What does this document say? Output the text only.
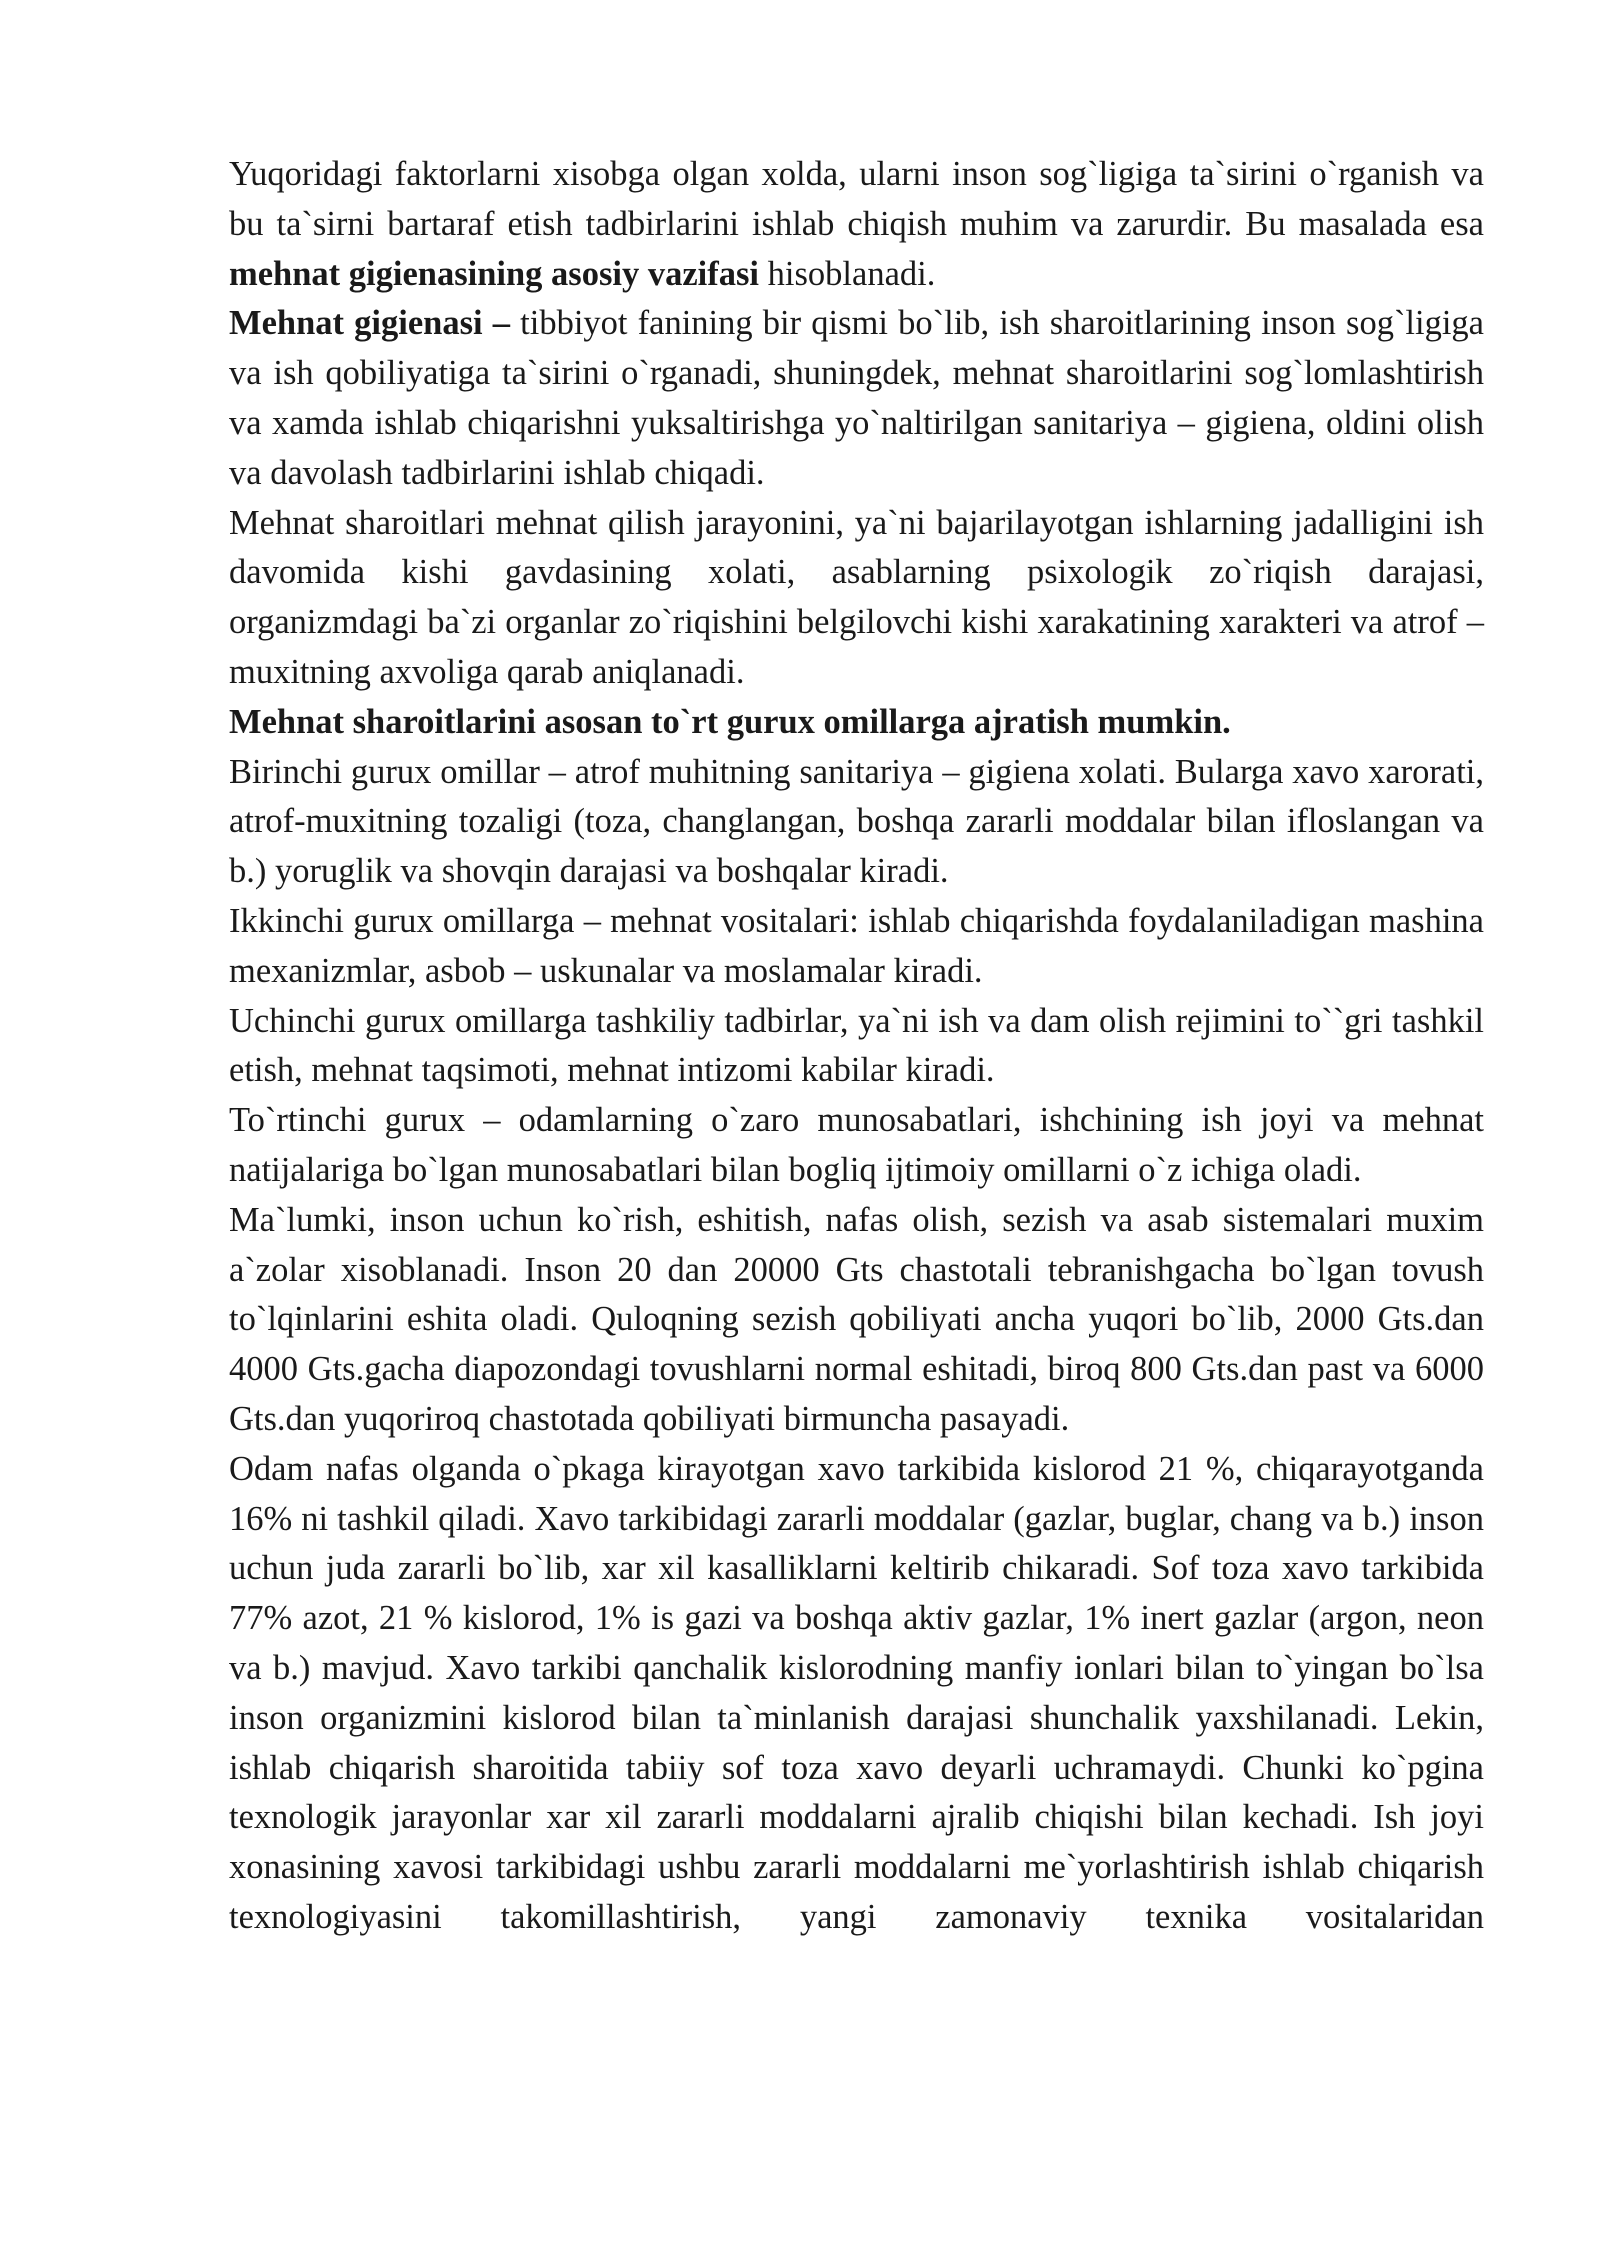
Yuqoridagi faktorlarni xisobga olgan xolda, ularni inson sog`ligiga ta`sirini o`rganish va bu ta`sirni bartaraf etish tadbirlarini ishlab chiqish muhim va zarurdir. Bu masalada esa mehnat gigienasining asosiy vazifasi hisoblanadi.

Mehnat gigienasi – tibbiyot fanining bir qismi bo`lib, ish sharoitlarining inson sog`ligiga va ish qobiliyatiga ta`sirini o`rganadi, shuningdek, mehnat sharoitlarini sog`lomlashtirish va xamda ishlab chiqarishni yuksaltirishga yo`naltirilgan sanitariya – gigiena, oldini olish va davolash tadbirlarini ishlab chiqadi.

Mehnat sharoitlari mehnat qilish jarayonini, ya`ni bajarilayotgan ishlarning jadalligini ish davomida kishi gavdasining xolati, asablarning psixologik zo`riqish darajasi, organizmdagi ba`zi organlar zo`riqishini belgilovchi kishi xarakatining xarakteri va atrof – muxitning axvoliga qarab aniqlanadi.

Mehnat sharoitlarini asosan to`rt gurux omillarga ajratish mumkin.

Birinchi gurux omillar – atrof muhitning sanitariya – gigiena xolati. Bularga xavo xarorati, atrof-muxitning tozaligi (toza, changlangan, boshqa zararli moddalar bilan ifloslangan va b.) yoruglik va shovqin darajasi va boshqalar kiradi.

Ikkinchi gurux omillarga – mehnat vositalari: ishlab chiqarishda foydalaniladigan mashina mexanizmlar, asbob – uskunalar va moslamalar kiradi.

Uchinchi gurux omillarga tashkiliy tadbirlar, ya`ni ish va dam olish rejimini to``gri tashkil etish, mehnat taqsimoti, mehnat intizomi kabilar kiradi.

To`rtinchi gurux – odamlarning o`zaro munosabatlari, ishchining ish joyi va mehnat natijalariga bo`lgan munosabatlari bilan bogliq ijtimoiy omillarni o`z ichiga oladi.

Ma`lumki, inson uchun ko`rish, eshitish, nafas olish, sezish va asab sistemalari muxim a`zolar xisoblanadi. Inson 20 dan 20000 Gts chastotali tebranishgacha bo`lgan tovush to`lqinlarini eshita oladi. Quloqning sezish qobiliyati ancha yuqori bo`lib, 2000 Gts.dan 4000 Gts.gacha diapozondagi tovushlarni normal eshitadi, biroq 800 Gts.dan past va 6000 Gts.dan yuqoriroq chastotada qobiliyati birmuncha pasayadi.

Odam nafas olganda o`pkaga kirayotgan xavo tarkibida kislorod 21 %, chiqarayotganda 16% ni tashkil qiladi. Xavo tarkibidagi zararli moddalar (gazlar, buglar, chang va b.) inson uchun juda zararli bo`lib, xar xil kasalliklarni keltirib chikaradi. Sof toza xavo tarkibida 77% azot, 21 % kislorod, 1% is gazi va boshqa aktiv gazlar, 1% inert gazlar (argon, neon va b.) mavjud. Xavo tarkibi qanchalik kislorodning manfiy ionlari bilan to`yingan bo`lsa inson organizmini kislorod bilan ta`minlanish darajasi shunchalik yaxshilanadi. Lekin, ishlab chiqarish sharoitida tabiiy sof toza xavo deyarli uchramaydi. Chunki ko`pgina texnologik jarayonlar xar xil zararli moddalarni ajralib chiqishi bilan kechadi. Ish joyi xonasining xavosi tarkibidagi ushbu zararli moddalarni me`yorlashtirish ishlab chiqarish texnologiyasini takomillashtirish, yangi zamonaviy texnika vositalaridan
